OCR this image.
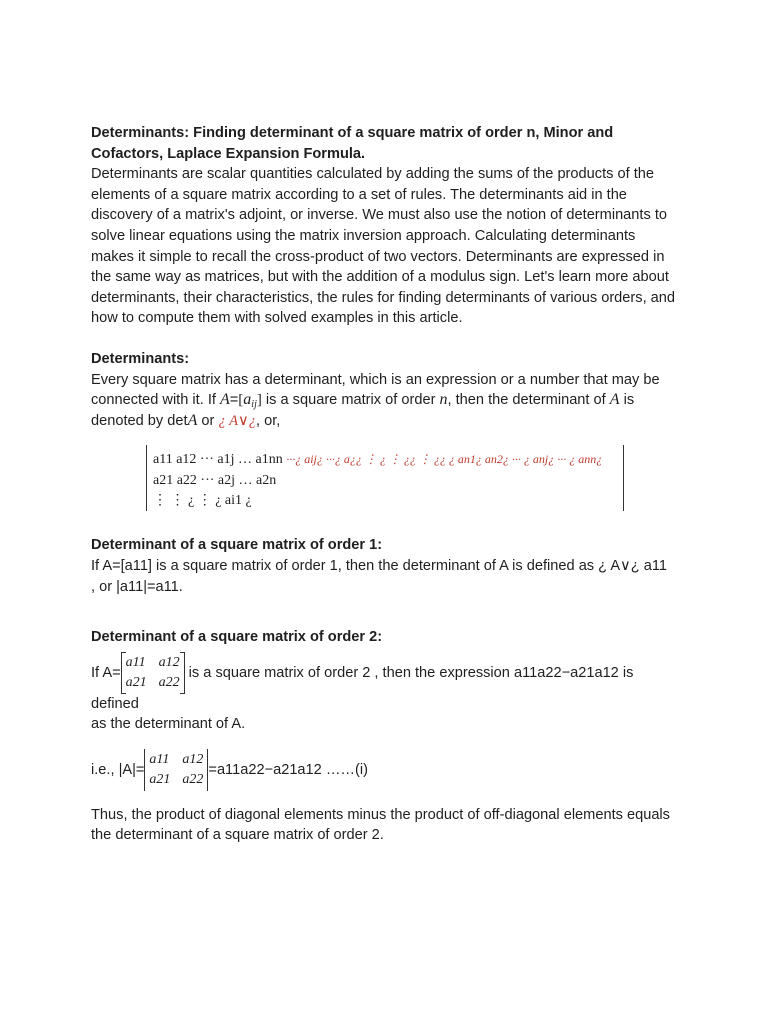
Determinants: Finding determinant of a square matrix of order n, Minor and Cofactors, Laplace Expansion Formula.

Determinants are scalar quantities calculated by adding the sums of the products of the elements of a square matrix according to a set of rules. The determinants aid in the discovery of a matrix's adjoint, or inverse. We must also use the notion of determinants to solve linear equations using the matrix inversion approach. Calculating determinants makes it simple to recall the cross-product of two vectors. Determinants are expressed in the same way as matrices, but with the addition of a modulus sign. Let's learn more about determinants, their characteristics, the rules for finding determinants of various orders, and how to compute them with solved examples in this article.

Determinants:

Every square matrix has a determinant, which is an expression or a number that may be connected with it. If $A=[a_{ij}]$ is a square matrix of order n, then the determinant of A is denoted by detA or ¿ A∨¿, or,

a11 a12 ··· a1j … a1nn ···¿ aij¿ ···¿ a¿¿ ⋮ ¿ ⋮ ¿¿ ⋮ ¿¿ ¿ an1¿ an2¿ ··· ¿ anj¿ ··· ¿ ann¿
a21 a22 ··· a2j … a2n
⋮ ⋮ ¿ ⋮ ¿ ai1 ¿

Determinant of a square matrix of order 1:

If A=[a11] is a square matrix of order 1, then the determinant of A is defined as ¿ A∨¿ a11

, or |a11|=a11.

Determinant of a square matrix of order 2:

If A=
a11 a12
a21 a22
is a square matrix of order 2 , then the expression a11a22−a21a12 is defined

as the determinant of A.

i.e., |A|=
a11 a12
a21 a22
=a11a22−a21a12 ……(i)

Thus, the product of diagonal elements minus the product of off-diagonal elements equals the determinant of a square matrix of order 2.
